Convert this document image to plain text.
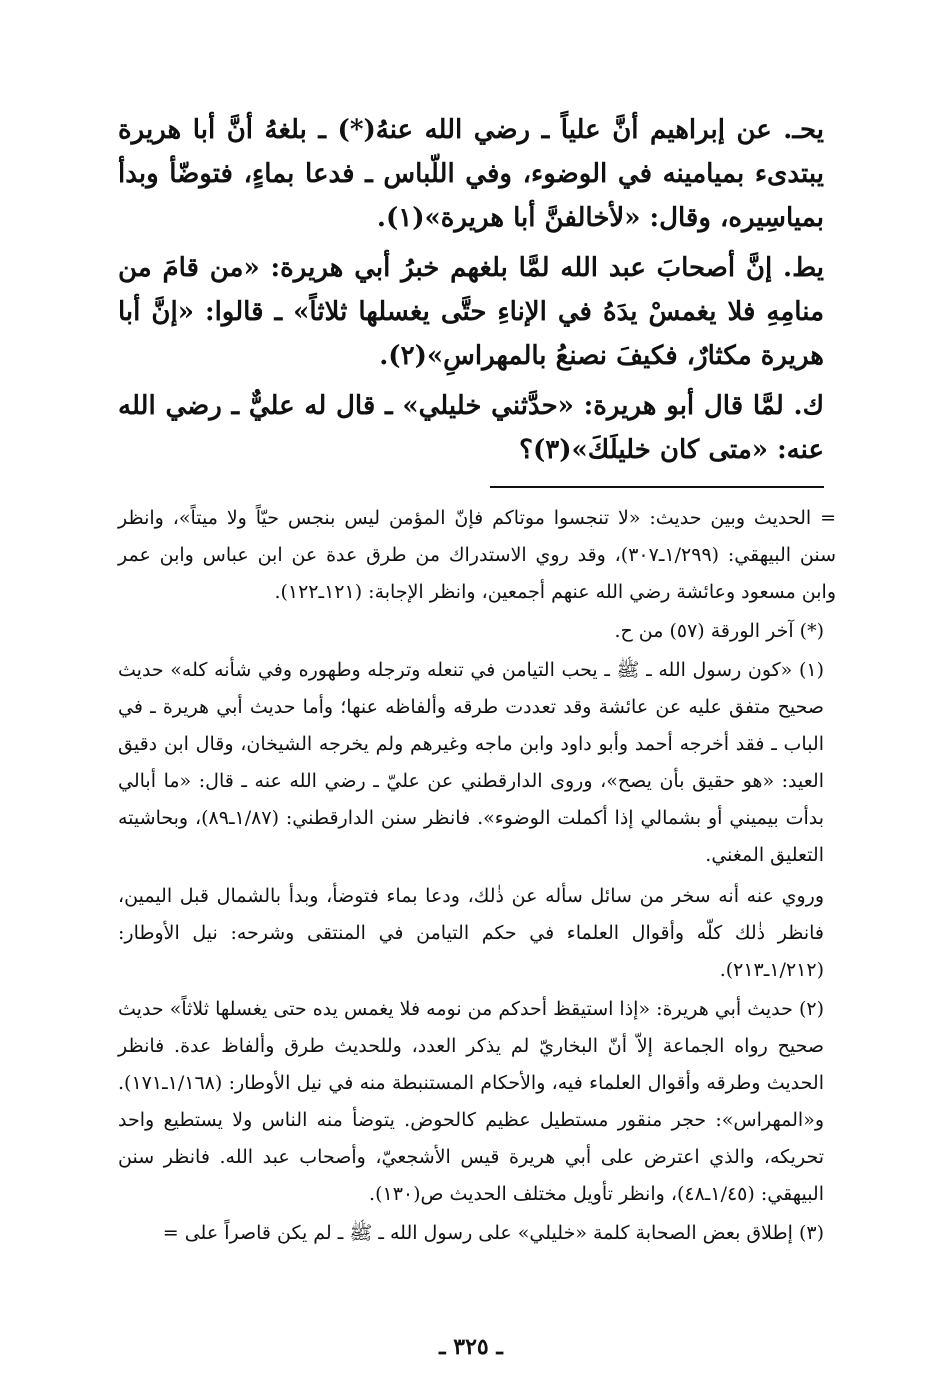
يحـ. عن إبراهيم أنَّ علياً ـ رضي الله عنهُ(*) ـ بلغهُ أنَّ أبا هريرة يبتدىء بميامينه في الوضوء، وفي اللّباس ـ فدعا بماءٍ، فتوضّأ وبدأ بمياسِيره، وقال: «لأخالفنَّ أبا هريرة»(١).

يط. إنَّ أصحابَ عبد الله لمَّا بلغهم خبرُ أبي هريرة: «من قامَ من منامِهِ فلا يغمسْ يدَهُ في الإناءِ حتَّى يغسلها ثلاثاً» ـ قالوا: «إنَّ أبا هريرة مكثارٌ، فكيفَ نصنعُ بالمهراسِ»(٢).

ك. لمَّا قال أبو هريرة: «حدَّثني خليلي» ـ قال له عليٌّ ـ رضي الله عنه: «متى كان خليلَكَ»(٣)؟

= الحديث وبين حديث: «لا تنجسوا موتاكم فإنّ المؤمن ليس بنجس حيّاً ولا ميتاً»، وانظر سنن البيهقي: (١/٢٩٩ـ٣٠٧)، وقد روي الاستدراك من طرق عدة عن ابن عباس وابن عمر وابن مسعود وعائشة رضي الله عنهم أجمعين، وانظر الإجابة: (١٢١ـ١٢٢).

(*) آخر الورقة (٥٧) من ح.

(١) «كون رسول الله ـ ﷺ ـ يحب التيامن في تنعله وترجله وطهوره وفي شأنه كله» حديث صحيح متفق عليه عن عائشة وقد تعددت طرقه وألفاظه عنها؛ وأما حديث أبي هريرة ـ في الباب ـ فقد أخرجه أحمد وأبو داود وابن ماجه وغيرهم ولم يخرجه الشيخان، وقال ابن دقيق العيد: «هو حقيق بأن يصح»، وروى الدارقطني عن عليّ ـ رضي الله عنه ـ قال: «ما أبالي بدأت بيميني أو بشمالي إذا أكملت الوضوء». فانظر سنن الدارقطني: (١/٨٧ـ٨٩)، وبحاشيته التعليق المغني.

وروي عنه أنه سخر من سائل سأله عن ذٰلك، ودعا بماء فتوضأ، وبدأ بالشمال قبل اليمين، فانظر ذٰلك كلّه وأقوال العلماء في حكم التيامن في المنتقى وشرحه: نيل الأوطار: (١/٢١٢ـ٢١٣).

(٢) حديث أبي هريرة: «إذا استيقظ أحدكم من نومه فلا يغمس يده حتى يغسلها ثلاثاً» حديث صحيح رواه الجماعة إلاّ أنّ البخاريّ لم يذكر العدد، وللحديث طرق وألفاظ عدة. فانظر الحديث وطرقه وأقوال العلماء فيه، والأحكام المستنبطة منه في نيل الأوطار: (١/١٦٨ـ١٧١). و«المهراس»: حجر منقور مستطيل عظيم كالحوض. يتوضأ منه الناس ولا يستطيع واحد تحريكه، والذي اعترض على أبي هريرة قيس الأشجعيّ، وأصحاب عبد الله. فانظر سنن البيهقي: (١/٤٥ـ٤٨)، وانظر تأويل مختلف الحديث ص(١٣٠).

(٣) إطلاق بعض الصحابة كلمة «خليلي» على رسول الله ـ ﷺ ـ لم يكن قاصراً على =

ـ ٣٢٥ ـ
